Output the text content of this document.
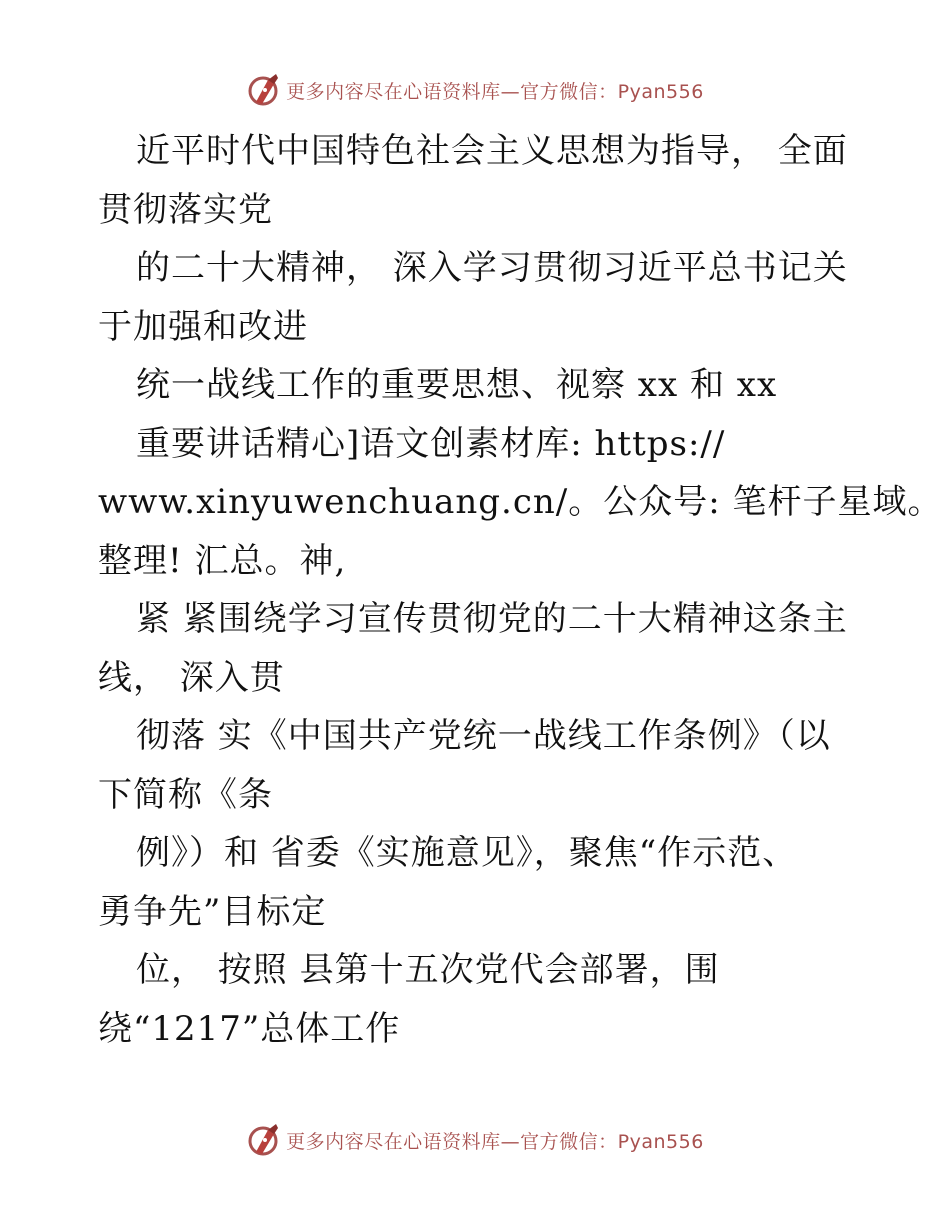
更多内容尽在心语资料库—官方微信：Pyan556
近平时代中国特色社会主义思想为指导， 全面
贯彻落实党
的二十大精神， 深入学习贯彻习近平总书记关
于加强和改进
统一战线工作的重要思想、视察 xx 和 xx
重要讲话精心]语文创素材库: https://
www.xinyuwenchuang.cn/。公众号: 笔杆子星域。
整理! 汇总。神,
紧 紧围绕学习宣传贯彻党的二十大精神这条主
线， 深入贯
彻落 实《中国共产党统一战线工作条例》（以
下简称《条
例》）和 省委《实施意见》，聚焦“作示范、
勇争先”目标定
位， 按照 县第十五次党代会部署，围
绕“1217”总体工作
更多内容尽在心语资料库—官方微信：Pyan556
